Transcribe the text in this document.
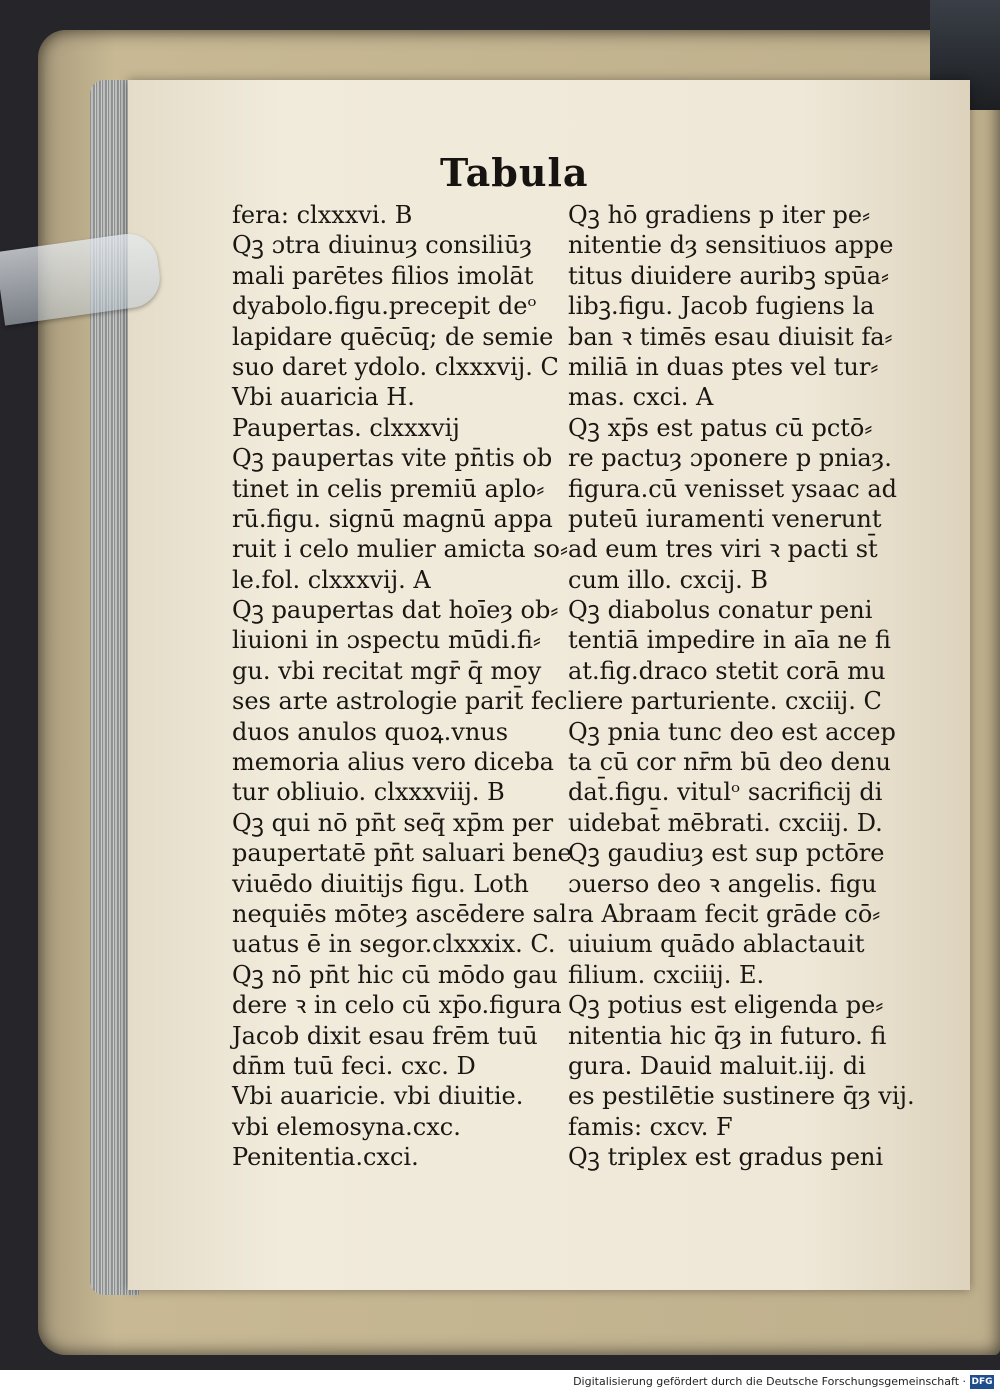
Tabula
fera: clxxxvi. B
Qꝫ ɔtra diuinuȝ consiliūȝ
mali parētes filios imolāt
dyabolo.figu.precepit deᵒ
lapidare quēcūq; de semie
suo daret ydolo. clxxxvij. C
Vbi auaricia H.
Paupertas. clxxxvij
Qꝫ paupertas vite pn̄tis ob
tinet in celis premiū aplo⸗
rū.figu. signū magnū appa
ruit i celo mulier amicta so⸗
le.fol. clxxxvij. A
Qꝫ paupertas dat hoīeȝ ob⸗
liuioni in ɔspectu mūdi.fi⸗
gu. vbi recitat mgr̄ q̄ moy
ses arte astrologie parit̄ fec
duos anulos quoꝝ.vnus
memoria alius vero diceba
tur obliuio. clxxxviij. B
Qꝫ qui nō pn̄t seq̄ xp̄m per
paupertatē pn̄t saluari bene
viuēdo diuitijs figu. Loth
nequiēs mōteȝ ascēdere sal
uatus ē in segor.clxxxix. C.
Qꝫ nō pn̄t hic cū mōdo gau
dere ꝛ in celo cū xp̄o.figura
Jacob dixit esau frēm tuū
dn̄m tuū feci. cxc. D
Vbi auaricie. vbi diuitie.
vbi elemosyna.cxc.
Penitentia.cxci.
Qꝫ hō gradiens p iter pe⸗
nitentie dȝ sensitiuos appe
titus diuidere auribꝫ spūa⸗
libꝫ.figu. Jacob fugiens la
ban ꝛ timēs esau diuisit fa⸗
miliā in duas ptes vel tur⸗
mas. cxci. A
Qꝫ xp̄s est patus cū pctō⸗
re pactuȝ ɔponere p pniaȝ.
figura.cū venisset ysaac ad
puteū iuramenti venerunt
ad eum tres viri ꝛ pacti st̄
cum illo. cxcij. B
Qꝫ diabolus conatur peni
tentiā impedire in aīa ne fi
at.fig.draco stetit corā mu
liere parturiente. cxciij. C
Qꝫ pnia tunc deo est accep
ta cū cor nr̄m bū deo denu
dat̄.figu. vitulᵒ sacrificij di
uidebat̄ mēbrati. cxciij. D.
Qꝫ gaudiuȝ est sup pctōre
ɔuerso deo ꝛ angelis. figu
ra Abraam fecit grāde cō⸗
uiuium quādo ablactauit
filium. cxciiij. E.
Qꝫ potius est eligenda pe⸗
nitentia hic q̄ȝ in futuro. fi
gura. Dauid maluit.iij. di
es pestilētie sustinere q̄ȝ vij.
famis: cxcv. F
Qꝫ triplex est gradus peni
Digitalisierung gefördert durch die Deutsche Forschungsgemeinschaft · DFG
